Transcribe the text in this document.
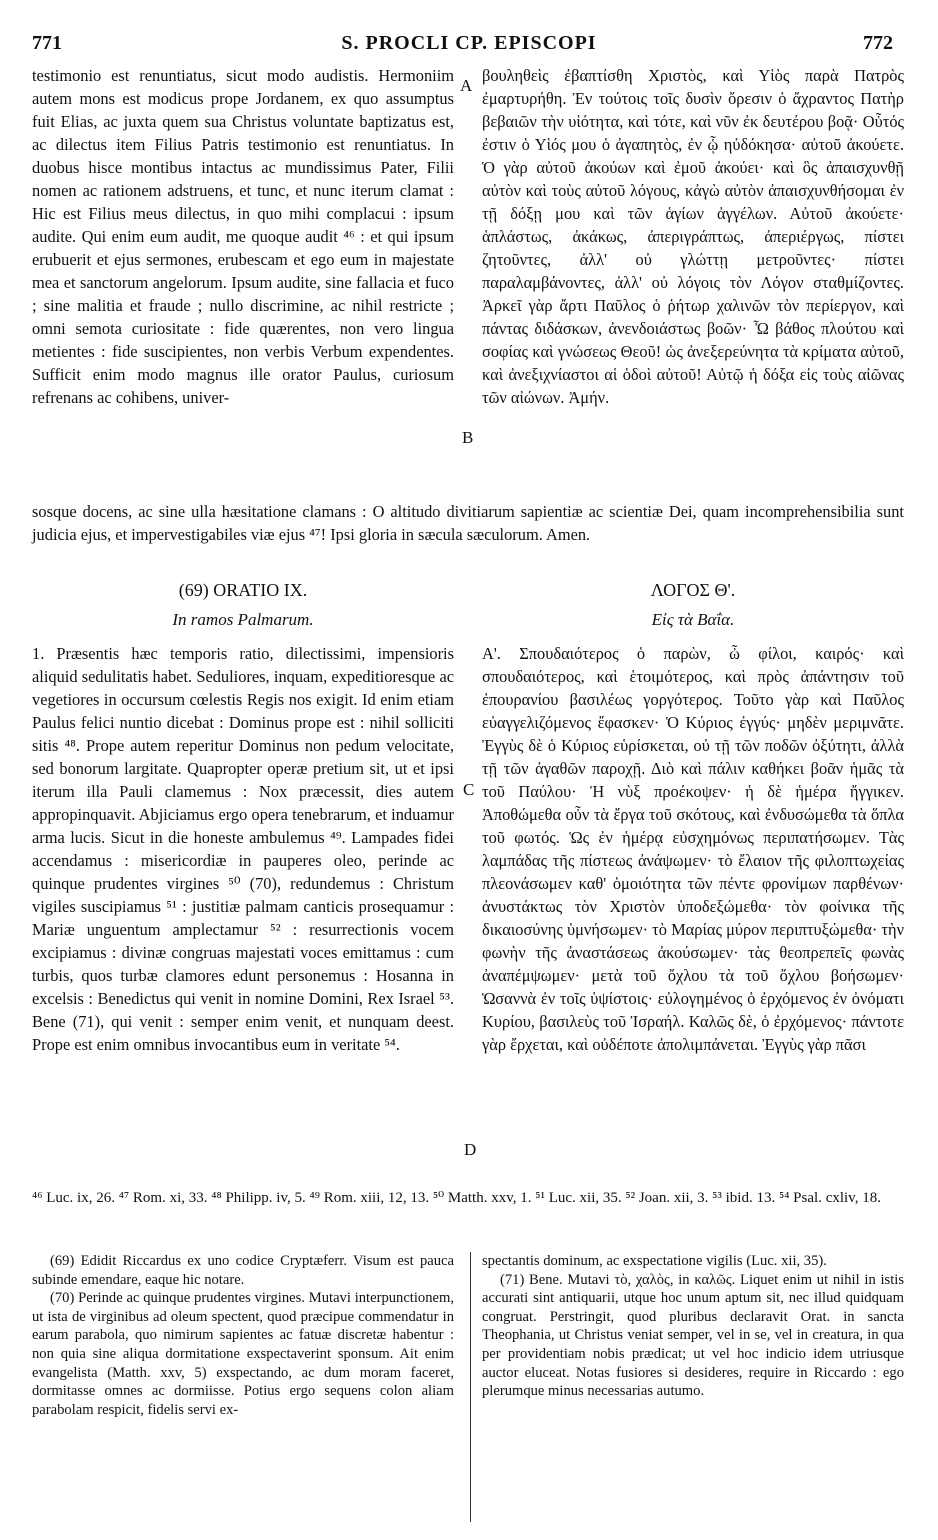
S. PROCLI CP. EPISCOPI
771	772

testimonio est renuntiatus, sicut modo audistis. Hermoniim autem mons est modicus prope Jordanem, ex quo assumptus fuit Elias, ac juxta quem sua Christus voluntate baptizatus est, ac dilectus item Filius Patris testimonio est renuntiatus. In duobus hisce montibus intactus ac mundissimus Pater, Filii nomen ac rationem adstruens, et tunc, et nunc iterum clamat : Hic est Filius meus dilectus, in quo mihi complacui : ipsum audite. Qui enim eum audit, me quoque audit ⁴⁶ : et qui ipsum erubuerit et ejus sermones, erubescam et ego eum in majestate mea et sanctorum angelorum. Ipsum audite, sine fallacia et fuco ; sine malitia et fraude ; nullo discrimine, ac nihil restricte ; omni semota curiositate : fide quærentes, non vero lingua metientes : fide suscipientes, non verbis Verbum expendentes. Sufficit enim modo magnus ille orator Paulus, curiosum refrenans ac cohibens, univer-

βουληθεὶς ἐβαπτίσθη Χριστὸς, καὶ Υἱὸς παρὰ Πατρὸς ἐμαρτυρήθη. Ἐν τούτοις τοῖς δυσὶν ὄρεσιν ὁ ἄχραντος Πατὴρ βεβαιῶν τὴν υἱότητα, καὶ τότε, καὶ νῦν ἐκ δευτέρου βοᾷ· Οὗτός ἐστιν ὁ Υἱός μου ὁ ἀγαπητὸς, ἐν ᾧ ηὐδόκησα· αὐτοῦ ἀκούετε. Ὁ γὰρ αὐτοῦ ἀκούων καὶ ἐμοῦ ἀκούει· καὶ ὃς ἀπαισχυνθῇ αὐτὸν καὶ τοὺς αὐτοῦ λόγους, κἀγὼ αὐτὸν ἀπαισχυνθήσομαι ἐν τῇ δόξῃ μου καὶ τῶν ἁγίων ἀγγέλων. Αὐτοῦ ἀκούετε· ἁπλάστως, ἀκάκως, ἀπεριγράπτως, ἀπεριέργως, πίστει ζητοῦντες, ἀλλ' οὐ γλώττῃ μετροῦντες· πίστει παραλαμβάνοντες, ἀλλ' οὐ λόγοις τὸν Λόγον σταθμίζοντες. Ἀρκεῖ γὰρ ἄρτι Παῦλος ὁ ῥήτωρ χαλινῶν τὸν περίεργον, καὶ πάντας διδάσκων, ἀνενδοιάστως βοῶν· Ὦ βάθος πλούτου καὶ σοφίας καὶ γνώσεως Θεοῦ! ὡς ἀνεξερεύνητα τὰ κρίματα αὐτοῦ, καὶ ἀνεξιχνίαστοι αἱ ὁδοὶ αὐτοῦ! Αὐτῷ ἡ δόξα εἰς τοὺς αἰῶνας τῶν αἰώνων. Ἀμήν.

A
B

sosque docens, ac sine ulla hæsitatione clamans : O altitudo divitiarum sapientiæ ac scientiæ Dei, quam incomprehensibilia sunt judicia ejus, et impervestigabiles viæ ejus ⁴⁷! Ipsi gloria in sæcula sæculorum. Amen.

(69) ORATIO IX.
In ramos Palmarum.
ΛΟΓΟΣ Θ'.
Εἰς τὰ Βαΐα.

1. Præsentis hæc temporis ratio, dilectissimi, impensioris aliquid sedulitatis habet. Seduliores, inquam, expeditioresque ac vegetiores in occursum cœlestis Regis nos exigit. Id enim etiam Paulus felici nuntio dicebat : Dominus prope est : nihil solliciti sitis ⁴⁸. Prope autem reperitur Dominus non pedum velocitate, sed bonorum largitate. Quapropter operæ pretium sit, ut et ipsi iterum illa Pauli clamemus : Nox præcessit, dies autem appropinquavit. Abjiciamus ergo opera tenebrarum, et induamur arma lucis. Sicut in die honeste ambulemus ⁴⁹. Lampades fidei accendamus : misericordiæ in pauperes oleo, perinde ac quinque prudentes virgines ⁵⁰ (70), redundemus : Christum vigiles suscipiamus ⁵¹ : justitiæ palmam canticis prosequamur : Mariæ unguentum amplectamur ⁵² : resurrectionis vocem excipiamus : divinæ congruas majestati voces emittamus : cum turbis, quos turbæ clamores edunt personemus : Hosanna in excelsis : Benedictus qui venit in nomine Domini, Rex Israel ⁵³. Bene (71), qui venit : semper enim venit, et nunquam deest. Prope est enim omnibus invocantibus eum in veritate ⁵⁴.

Α'. Σπουδαιότερος ὁ παρὼν, ὦ φίλοι, καιρός· καὶ σπουδαιότερος, καὶ ἑτοιμότερος, καὶ πρὸς ἀπάντησιν τοῦ ἐπουρανίου βασιλέως γοργότερος. Τοῦτο γὰρ καὶ Παῦλος εὐαγγελιζόμενος ἔφασκεν· Ὁ Κύριος ἐγγύς· μηδὲν μεριμνᾶτε. Ἐγγὺς δὲ ὁ Κύριος εὑρίσκεται, οὐ τῇ τῶν ποδῶν ὀξύτητι, ἀλλὰ τῇ τῶν ἀγαθῶν παροχῇ. Διὸ καὶ πάλιν καθήκει βοᾶν ἡμᾶς τὰ τοῦ Παύλου· Ἡ νὺξ προέκοψεν· ἡ δὲ ἡμέρα ἤγγικεν. Ἀποθώμεθα οὖν τὰ ἔργα τοῦ σκότους, καὶ ἐνδυσώμεθα τὰ ὅπλα τοῦ φωτός. Ὡς ἐν ἡμέρᾳ εὐσχημόνως περιπατήσωμεν. Τὰς λαμπάδας τῆς πίστεως ἀνάψωμεν· τὸ ἔλαιον τῆς φιλοπτωχείας πλεονάσωμεν καθ' ὁμοιότητα τῶν πέντε φρονίμων παρθένων· ἀνυστάκτως τὸν Χριστὸν ὑποδεξώμεθα· τὸν φοίνικα τῆς δικαιοσύνης ὑμνήσωμεν· τὸ Μαρίας μύρον περιπτυξώμεθα· τὴν φωνὴν τῆς ἀναστάσεως ἀκούσωμεν· τὰς θεοπρεπεῖς φωνὰς ἀναπέμψωμεν· μετὰ τοῦ ὄχλου τὰ τοῦ ὄχλου βοήσωμεν· Ὡσαννὰ ἐν τοῖς ὑψίστοις· εὐλογημένος ὁ ἐρχόμενος ἐν ὀνόματι Κυρίου, βασιλεὺς τοῦ Ἰσραήλ. Καλῶς δὲ, ὁ ἐρχόμενος· πάντοτε γὰρ ἔρχεται, καὶ οὐδέποτε ἀπολιμπάνεται. Ἐγγὺς γὰρ πᾶσι

C
D
⁴⁶ Luc. ix, 26. ⁴⁷ Rom. xi, 33. ⁴⁸ Philipp. iv, 5. ⁴⁹ Rom. xiii, 12, 13. ⁵⁰ Matth. xxv, 1. ⁵¹ Luc. xii, 35. ⁵² Joan. xii, 3. ⁵³ ibid. 13. ⁵⁴ Psal. cxliv, 18.

(69) Edidit Riccardus ex uno codice Cryptæferr. Visum est pauca subinde emendare, eaque hic notare.

(70) Perinde ac quinque prudentes virgines. Mutavi interpunctionem, ut ista de virginibus ad oleum spectent, quod præcipue commendatur in earum parabola, quo nimirum sapientes ac fatuæ discretæ habentur : non quia sine aliqua dormitatione exspectaverint sponsum. Ait enim evangelista (Matth. xxv, 5) exspectando, ac dum moram faceret, dormitasse omnes ac dormiisse. Potius ergo sequens colon aliam parabolam respicit, fidelis servi ex-

spectantis dominum, ac exspectatione vigilis (Luc. xii, 35).

(71) Bene. Mutavi τὸ, χαλὸς, in καλῶς. Liquet enim ut nihil in istis accurati sint antiquarii, utque hoc unum aptum sit, nec illud quidquam congruat. Perstringit, quod pluribus declaravit Orat. in sancta Theophania, ut Christus veniat semper, vel in se, vel in creatura, in qua per providentiam nobis prædicat; ut vel hoc indicio idem utriusque auctor eluceat. Notas fusiores si desideres, require in Riccardo : ego plerumque minus necessarias autumo.
